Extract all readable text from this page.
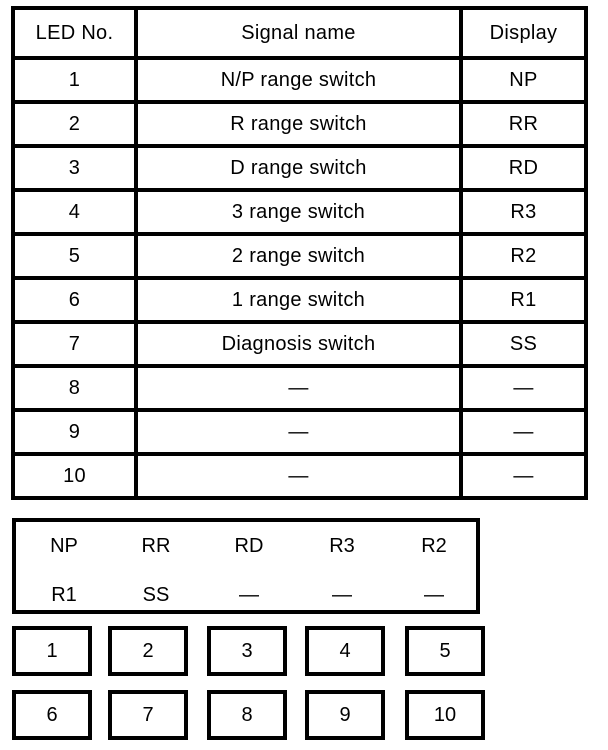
LED No.	Signal name	Display
1	N/P range switch	NP
2	R range switch	RR
3	D range switch	RD
4	3 range switch	R3
5	2 range switch	R2
6	1 range switch	R1
7	Diagnosis switch	SS
8	—	—
9	—	—
10	—	—
NP	RR	RD	R3	R2
R1	SS	—	—	—
1	2	3	4	5
6	7	8	9	10
